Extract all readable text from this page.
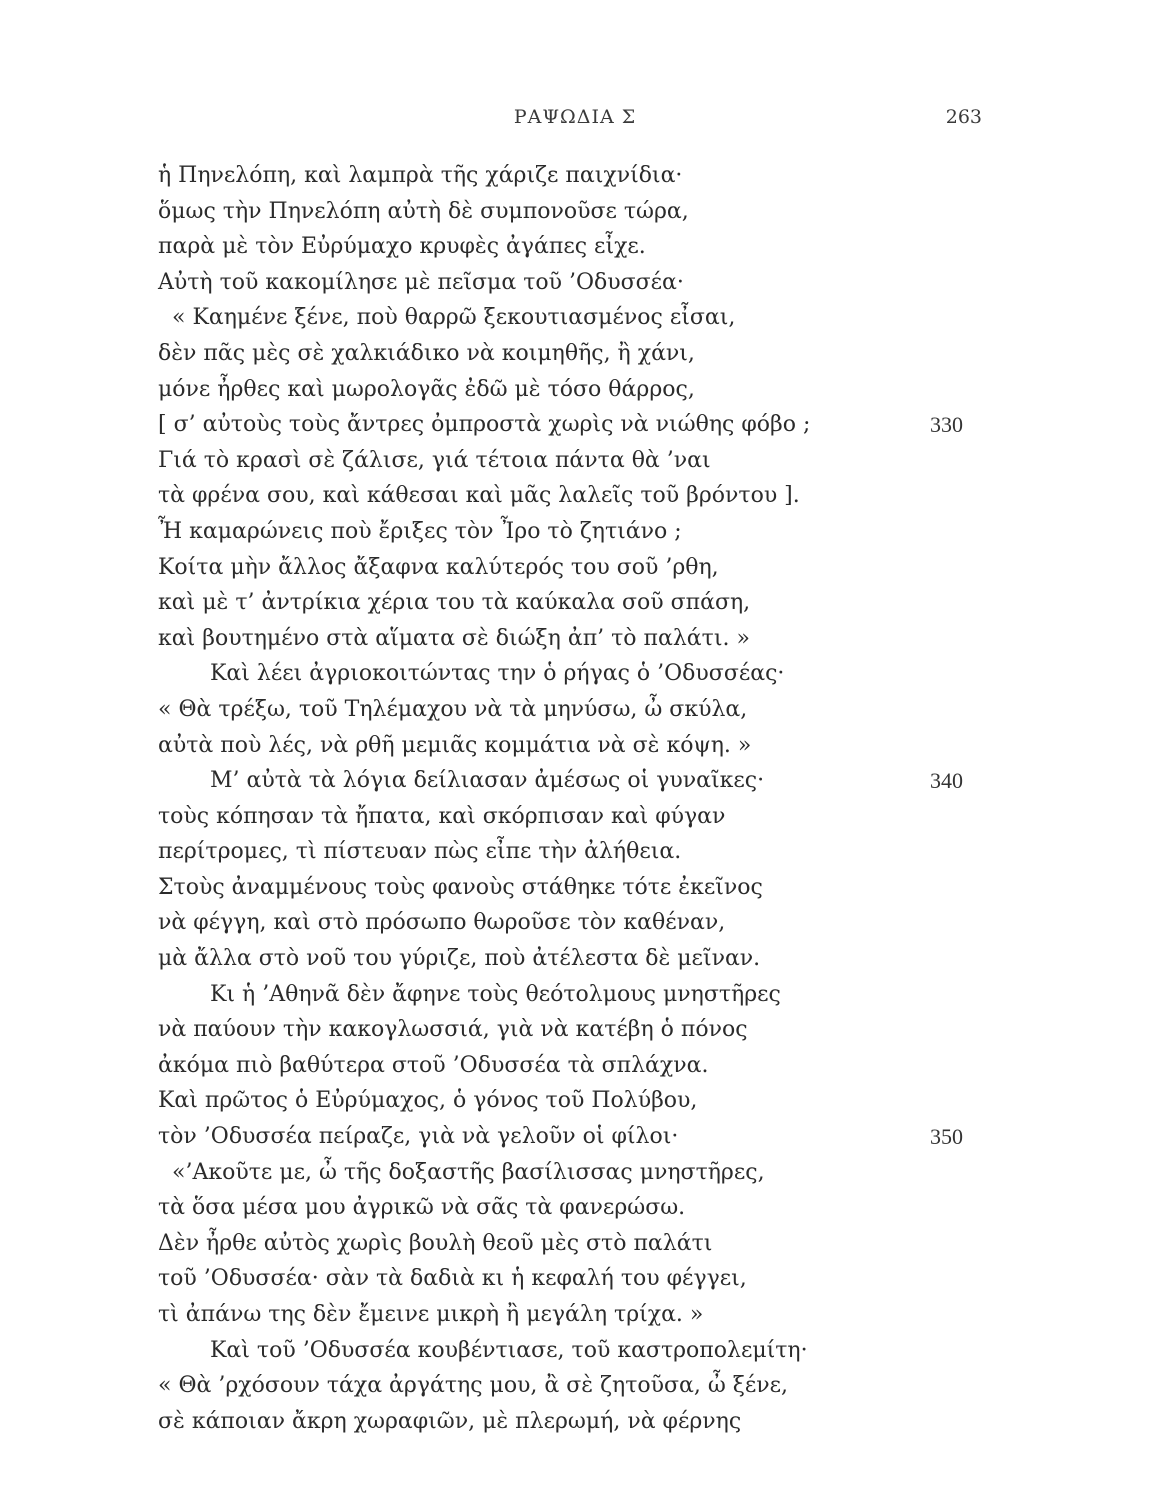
ΡΑΨΩΔΙΑ Σ	263
ἡ Πηνελόπη, καὶ λαμπρὰ τῆς χάριζε παιχνίδια·
ὅμως τὴν Πηνελόπη αὐτὴ δὲ συμπονοῦσε τώρα,
παρὰ μὲ τὸν Εὐρύμαχο κρυφὲς ἀγάπες εἶχε.
Αὐτὴ τοῦ κακομίλησε μὲ πεῖσμα τοῦ ’Οδυσσέα·
« Καημένε ξένε, ποὺ θαρρῶ ξεκουτιασμένος εἶσαι,
δὲν πᾶς μὲς σὲ χαλκιάδικο νὰ κοιμηθῆς, ἢ χάνι,
μόνε ἦρθες καὶ μωρολογᾶς ἐδῶ μὲ τόσο θάρρος,
[ σ’ αὐτοὺς τοὺς ἄντρες ὀμπροστὰ χωρὶς νὰ νιώθης φόβο ;	330
Γιά τὸ κρασὶ σὲ ζάλισε, γιά τέτοια πάντα θὰ ’ναι
τὰ φρένα σου, καὶ κάθεσαι καὶ μᾶς λαλεῖς τοῦ βρόντου ].
Ἦ καμαρώνεις ποὺ ἔριξες τὸν Ἶρο τὸ ζητιάνο ;
Κοίτα μὴν ἄλλος ἄξαφνα καλύτερός του σοῦ ’ρθη,
καὶ μὲ τ’ ἀντρίκια χέρια του τὰ καύκαλα σοῦ σπάση,
καὶ βουτημένο στὰ αἵματα σὲ διώξη ἀπ’ τὸ παλάτι. »
Καὶ λέει ἀγριοκοιτώντας την ὁ ρήγας ὁ ’Οδυσσέας·
« Θὰ τρέξω, τοῦ Τηλέμαχου νὰ τὰ μηνύσω, ὦ σκύλα,
αὐτὰ ποὺ λές, νὰ ρθῆ μεμιᾶς κομμάτια νὰ σὲ κόψη. »
Μ’ αὐτὰ τὰ λόγια δείλιασαν ἀμέσως οἱ γυναῖκες·	340
τοὺς κόπησαν τὰ ἤπατα, καὶ σκόρπισαν καὶ φύγαν
περίτρομες, τὶ πίστευαν πὼς εἶπε τὴν ἀλήθεια.
Στοὺς ἀναμμένους τοὺς φανοὺς στάθηκε τότε ἐκεῖνος
νὰ φέγγη, καὶ στὸ πρόσωπο θωροῦσε τὸν καθέναν,
μὰ ἄλλα στὸ νοῦ του γύριζε, ποὺ ἀτέλεστα δὲ μεῖναν.
Κι ἡ ’Αθηνᾶ δὲν ἄφηνε τοὺς θεότολμους μνηστῆρες
νὰ παύουν τὴν κακογλωσσιά, γιὰ νὰ κατέβη ὁ πόνος
ἀκόμα πιὸ βαθύτερα στοῦ ’Οδυσσέα τὰ σπλάχνα.
Καὶ πρῶτος ὁ Εὐρύμαχος, ὁ γόνος τοῦ Πολύβου,
τὸν ’Οδυσσέα πείραζε, γιὰ νὰ γελοῦν οἱ φίλοι·	350
«’Ακοῦτε με, ὦ τῆς δοξαστῆς βασίλισσας μνηστῆρες,
τὰ ὅσα μέσα μου ἀγρικῶ νὰ σᾶς τὰ φανερώσω.
Δὲν ἦρθε αὐτὸς χωρὶς βουλὴ θεοῦ μὲς στὸ παλάτι
τοῦ ’Οδυσσέα· σὰν τὰ δαδιὰ κι ἡ κεφαλή του φέγγει,
τὶ ἀπάνω της δὲν ἔμεινε μικρὴ ἢ μεγάλη τρίχα. »
Καὶ τοῦ ’Οδυσσέα κουβέντιασε, τοῦ καστροπολεμίτη·
« Θὰ ’ρχόσουν τάχα ἀργάτης μου, ἂ σὲ ζητοῦσα, ὦ ξένε,
σὲ κάποιαν ἄκρη χωραφιῶν, μὲ πλερωμή, νὰ φέρνης
